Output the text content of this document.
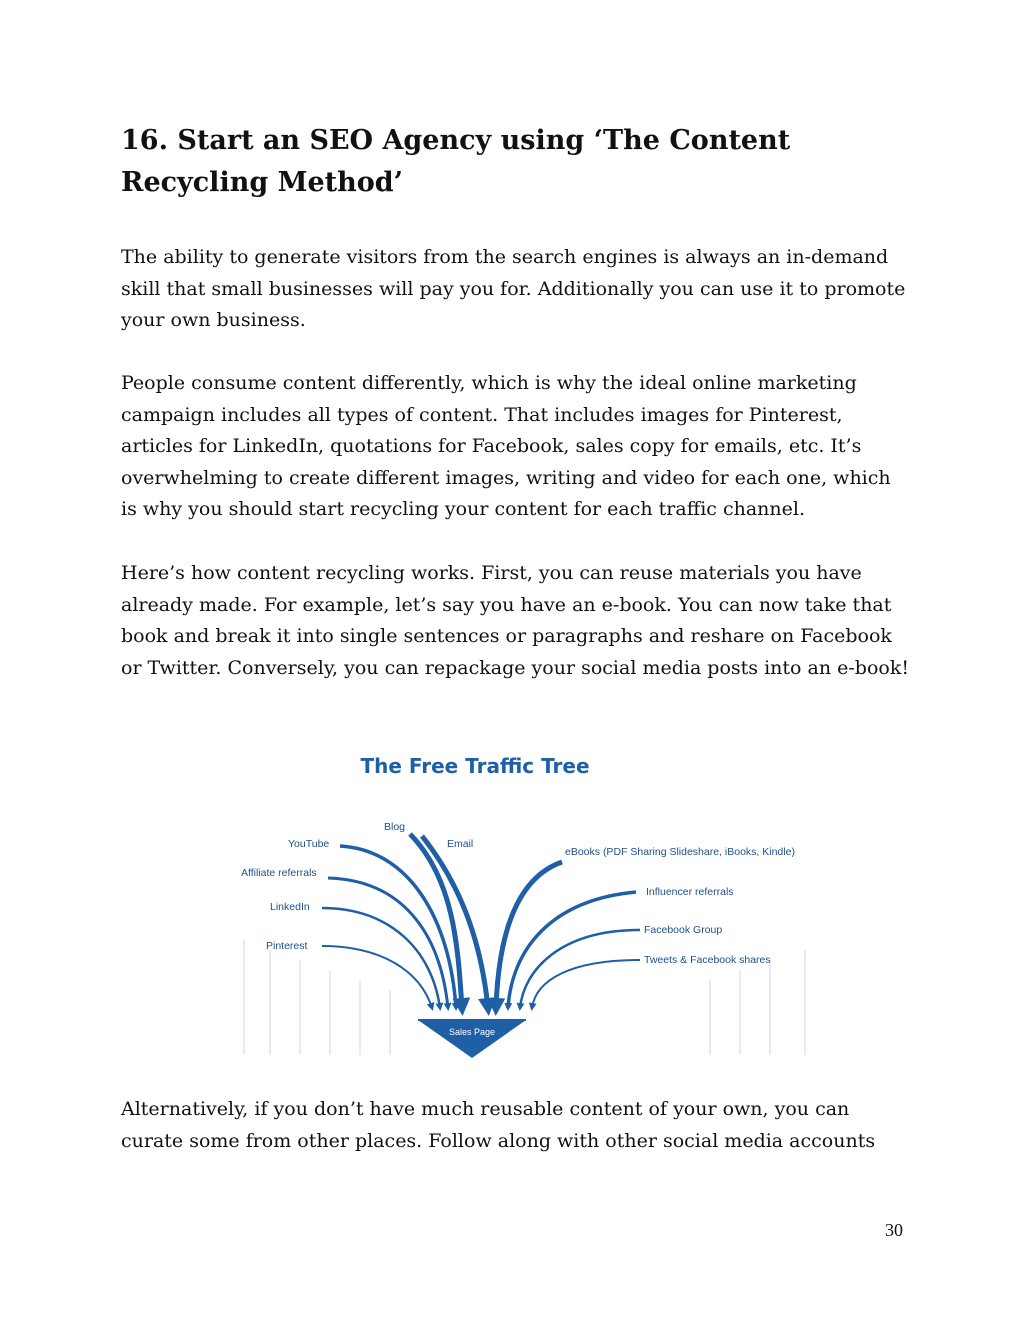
16. Start an SEO Agency using ‘The Content Recycling Method’

The ability to generate visitors from the search engines is always an in-demand skill that small businesses will pay you for. Additionally you can use it to promote your own business.

People consume content differently, which is why the ideal online marketing campaign includes all types of content. That includes images for Pinterest, articles for LinkedIn, quotations for Facebook, sales copy for emails, etc. It’s overwhelming to create different images, writing and video for each one, which is why you should start recycling your content for each traffic channel.

Here’s how content recycling works. First, you can reuse materials you have already made. For example, let’s say you have an e-book. You can now take that book and break it into single sentences or paragraphs and reshare on Facebook or Twitter. Conversely, you can repackage your social media posts into an e-book!

Blog
YouTube	Email
Affiliate referrals
LinkedIn
Pinterest
eBooks (PDF Sharing Slideshare, iBooks, Kindle)
Influencer referrals
Facebook Group
Tweets & Facebook shares
Sales Page
The Free Traffic Tree

Alternatively, if you don’t have much reusable content of your own, you can curate some from other places. Follow along with other social media accounts

30
